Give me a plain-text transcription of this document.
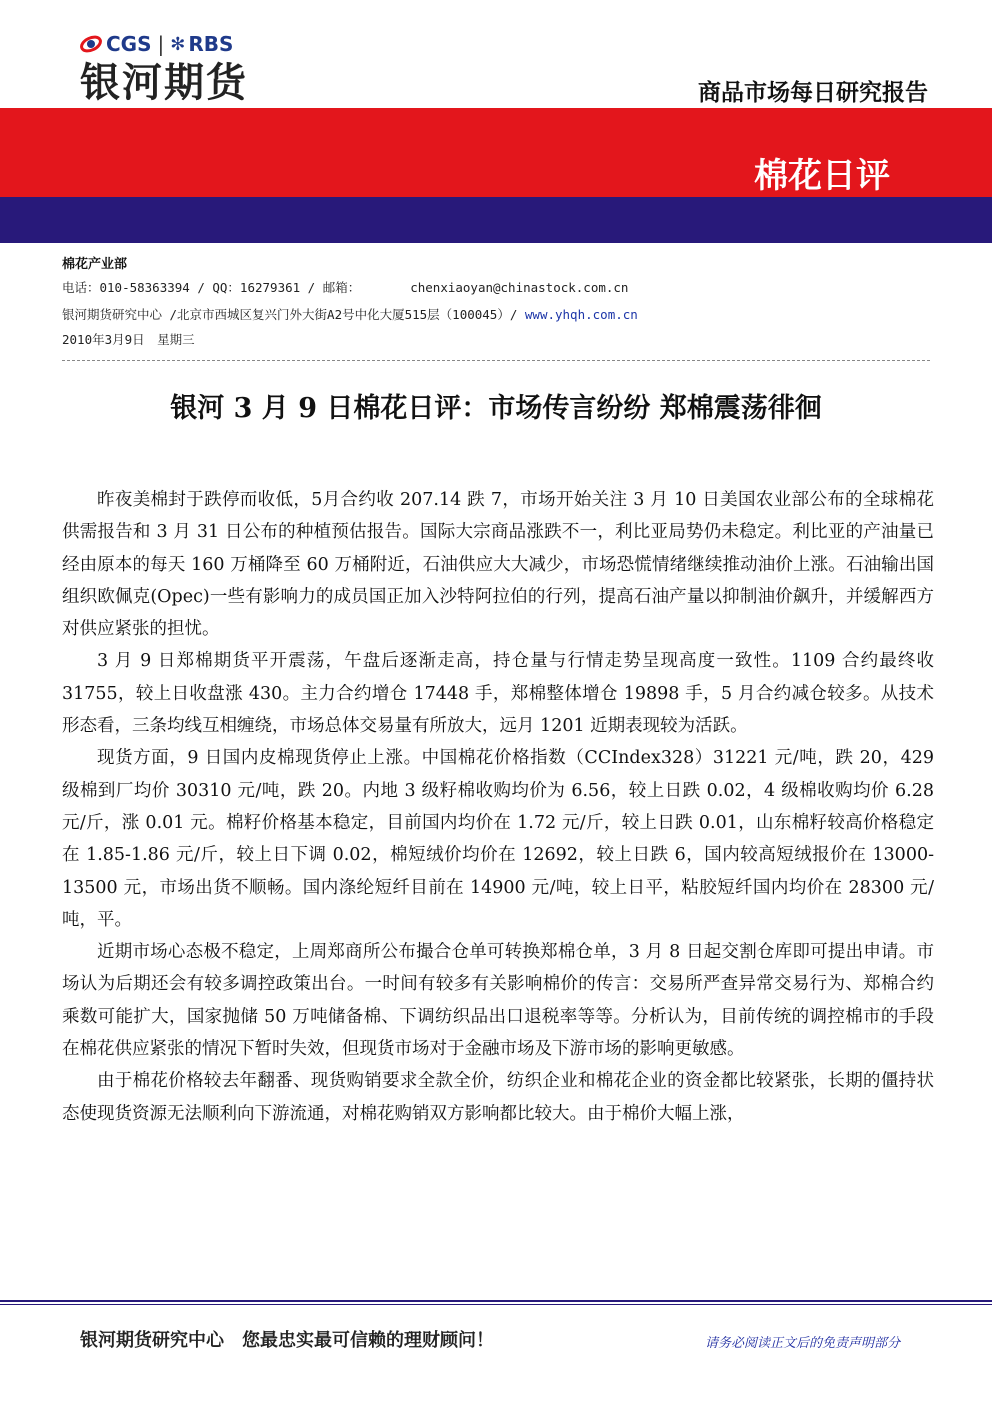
CGS | ✻ RBS
银河期货	商品市场每日研究报告
棉花日评
棉花产业部
电话：010-58363394 / QQ：16279361 / 邮箱：	chenxiaoyan@chinastock.com.cn
银河期货研究中心 /北京市西城区复兴门外大街A2号中化大厦515层（100045）/ www.yhqh.com.cn
2010年3月9日　星期三
银河 3 月 9 日棉花日评：市场传言纷纷 郑棉震荡徘徊

昨夜美棉封于跌停而收低，5月合约收 207.14 跌 7，市场开始关注 3 月 10 日美国农业部公布的全球棉花供需报告和 3 月 31 日公布的种植预估报告。国际大宗商品涨跌不一，利比亚局势仍未稳定。利比亚的产油量已经由原本的每天 160 万桶降至 60 万桶附近，石油供应大大减少，市场恐慌情绪继续推动油价上涨。石油输出国组织欧佩克(Opec)一些有影响力的成员国正加入沙特阿拉伯的行列，提高石油产量以抑制油价飙升，并缓解西方对供应紧张的担忧。

3 月 9 日郑棉期货平开震荡，午盘后逐渐走高，持仓量与行情走势呈现高度一致性。1109 合约最终收 31755，较上日收盘涨 430。主力合约增仓 17448 手，郑棉整体增仓 19898 手，5 月合约减仓较多。从技术形态看，三条均线互相缠绕，市场总体交易量有所放大，远月 1201 近期表现较为活跃。

现货方面，9 日国内皮棉现货停止上涨。中国棉花价格指数（CCIndex328）31221 元/吨，跌 20，429 级棉到厂均价 30310 元/吨，跌 20。内地 3 级籽棉收购均价为 6.56，较上日跌 0.02，4 级棉收购均价 6.28 元/斤，涨 0.01 元。棉籽价格基本稳定，目前国内均价在 1.72 元/斤，较上日跌 0.01，山东棉籽较高价格稳定在 1.85-1.86 元/斤，较上日下调 0.02，棉短绒价均价在 12692，较上日跌 6，国内较高短绒报价在 13000-13500 元，市场出货不顺畅。国内涤纶短纤目前在 14900 元/吨，较上日平，粘胶短纤国内均价在 28300 元/吨，平。

近期市场心态极不稳定，上周郑商所公布撮合仓单可转换郑棉仓单，3 月 8 日起交割仓库即可提出申请。市场认为后期还会有较多调控政策出台。一时间有较多有关影响棉价的传言：交易所严查异常交易行为、郑棉合约乘数可能扩大，国家抛储 50 万吨储备棉、下调纺织品出口退税率等等。分析认为，目前传统的调控棉市的手段在棉花供应紧张的情况下暂时失效，但现货市场对于金融市场及下游市场的影响更敏感。

由于棉花价格较去年翻番、现货购销要求全款全价，纺织企业和棉花企业的资金都比较紧张，长期的僵持状态使现货资源无法顺利向下游流通，对棉花购销双方影响都比较大。由于棉价大幅上涨，

银河期货研究中心　您最忠实最可信赖的理财顾问！	请务必阅读正文后的免责声明部分
